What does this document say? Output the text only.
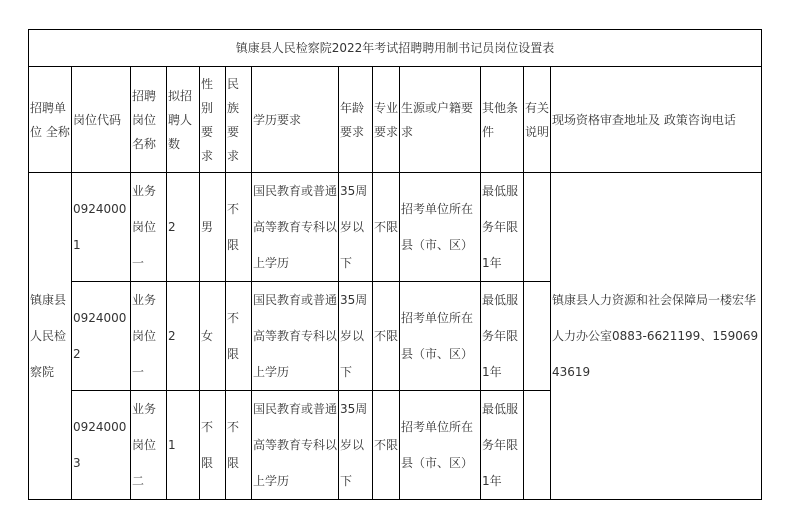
镇康县人民检察院2022年考试招聘聘用制书记员岗位设置表												
招聘单位 全称	岗位代码	招聘岗位名称	拟招聘人数	性别要求	民族要求	学历要求	年龄要求	专业要求	生源或户籍要求	其他条件	有关说明	现场资格审查地址及 政策咨询电话
镇康县人民检察院	09240001	业务岗位一	2	男	不限	国民教育或普通高等教育专科以上学历	35周岁以下	不限	招考单位所在县（市、区）	最低服务年限1年		镇康县人力资源和社会保障局一楼宏华人力办公室0883-6621199、15906943619
	09240002	业务岗位一	2	女	不限	国民教育或普通高等教育专科以上学历	35周岁以下	不限	招考单位所在县（市、区）	最低服务年限1年		
	09240003	业务岗位二	1	不限	不限	国民教育或普通高等教育专科以上学历	35周岁以下	不限	招考单位所在县（市、区）	最低服务年限1年		
